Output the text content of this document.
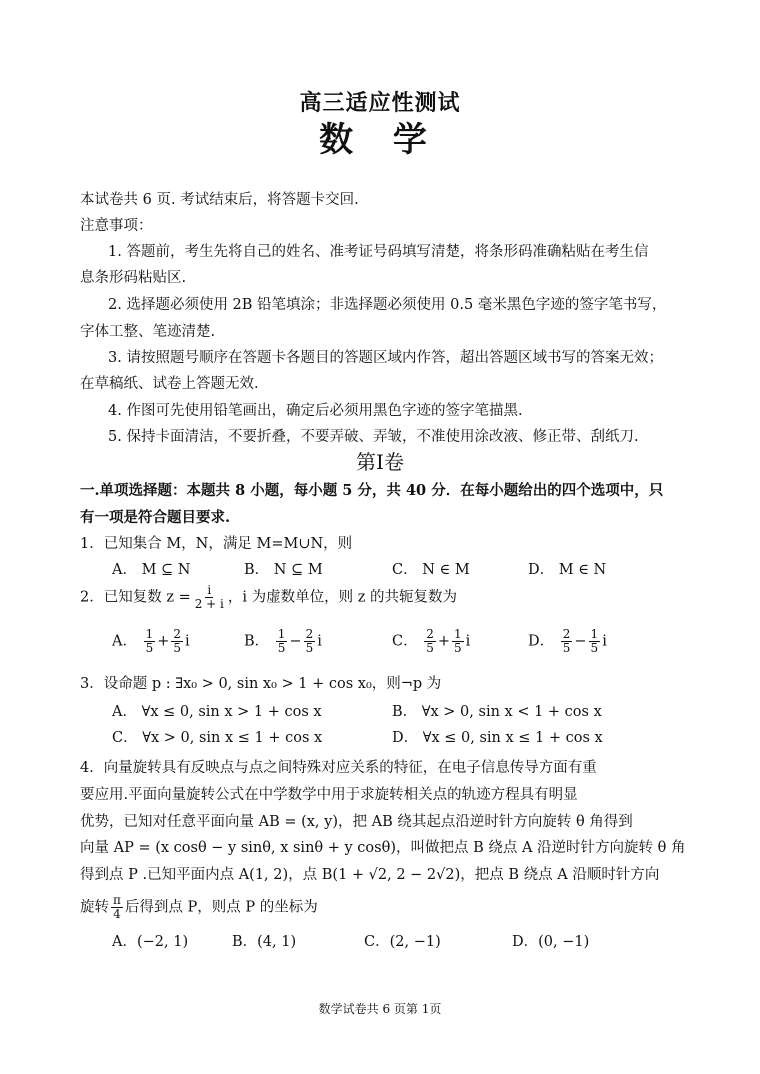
高三适应性测试
数 学
本试卷共 6 页. 考试结束后，将答题卡交回.
注意事项：
1. 答题前，考生先将自己的姓名、准考证号码填写清楚，将条形码准确粘贴在考生信
息条形码粘贴区.
2. 选择题必须使用 2B 铅笔填涂；非选择题必须使用 0.5 毫米黑色字迹的签字笔书写，
字体工整、笔迹清楚.
3. 请按照题号顺序在答题卡各题目的答题区域内作答，超出答题区域书写的答案无效；
在草稿纸、试卷上答题无效.
4. 作图可先使用铅笔画出，确定后必须用黑色字迹的签字笔描黑.
5. 保持卡面清洁，不要折叠，不要弄破、弄皱，不准使用涂改液、修正带、刮纸刀.
第Ⅰ卷
一.单项选择题：本题共 8 小题，每小题 5 分，共 40 分．在每小题给出的四个选项中，只
有一项是符合题目要求.
1．已知集合 M，N，满足 M=M∪N，则
A． M ⊆ N	B． N ⊆ M	C． N ∈ M	D． M ∈ N
2．已知复数 $z = \frac{i}{2 + i}$ ，i 为虚数单位，则 z 的共轭复数为
A． $\frac{1}{5} + \frac{2}{5}$ i	B． $\frac{1}{5} - \frac{2}{5}$ i	C． $\frac{2}{5} + \frac{1}{5}$ i	D． $\frac{2}{5} - \frac{1}{5}$ i
3．设命题 p : ∃x₀ > 0, sin x₀ > 1 + cos x₀，则¬p 为
A． ∀x ≤ 0, sin x > 1 + cos x	B． ∀x > 0, sin x < 1 + cos x
C． ∀x > 0, sin x ≤ 1 + cos x	D． ∀x ≤ 0, sin x ≤ 1 + cos x
4．向量旋转具有反映点与点之间特殊对应关系的特征，在电子信息传导方面有重
要应用.平面向量旋转公式在中学数学中用于求旋转相关点的轨迹方程具有明显
优势，已知对任意平面向量 AB = (x, y)，把 AB 绕其起点沿逆时针方向旋转 θ 角得到
向量 AP = (x cosθ − y sinθ, x sinθ + y cosθ)，叫做把点 B 绕点 A 沿逆时针方向旋转 θ 角
得到点 P .已知平面内点 A(1, 2)，点 B(1 + √2, 2 − 2√2)，把点 B 绕点 A 沿顺时针方向
旋转 $\frac{\pi}{4}$ 后得到点 P，则点 P 的坐标为
A．(−2, 1)	B．(4, 1)	C．(2, −1)	D．(0, −1)
数学试卷共 6 页第 1页
